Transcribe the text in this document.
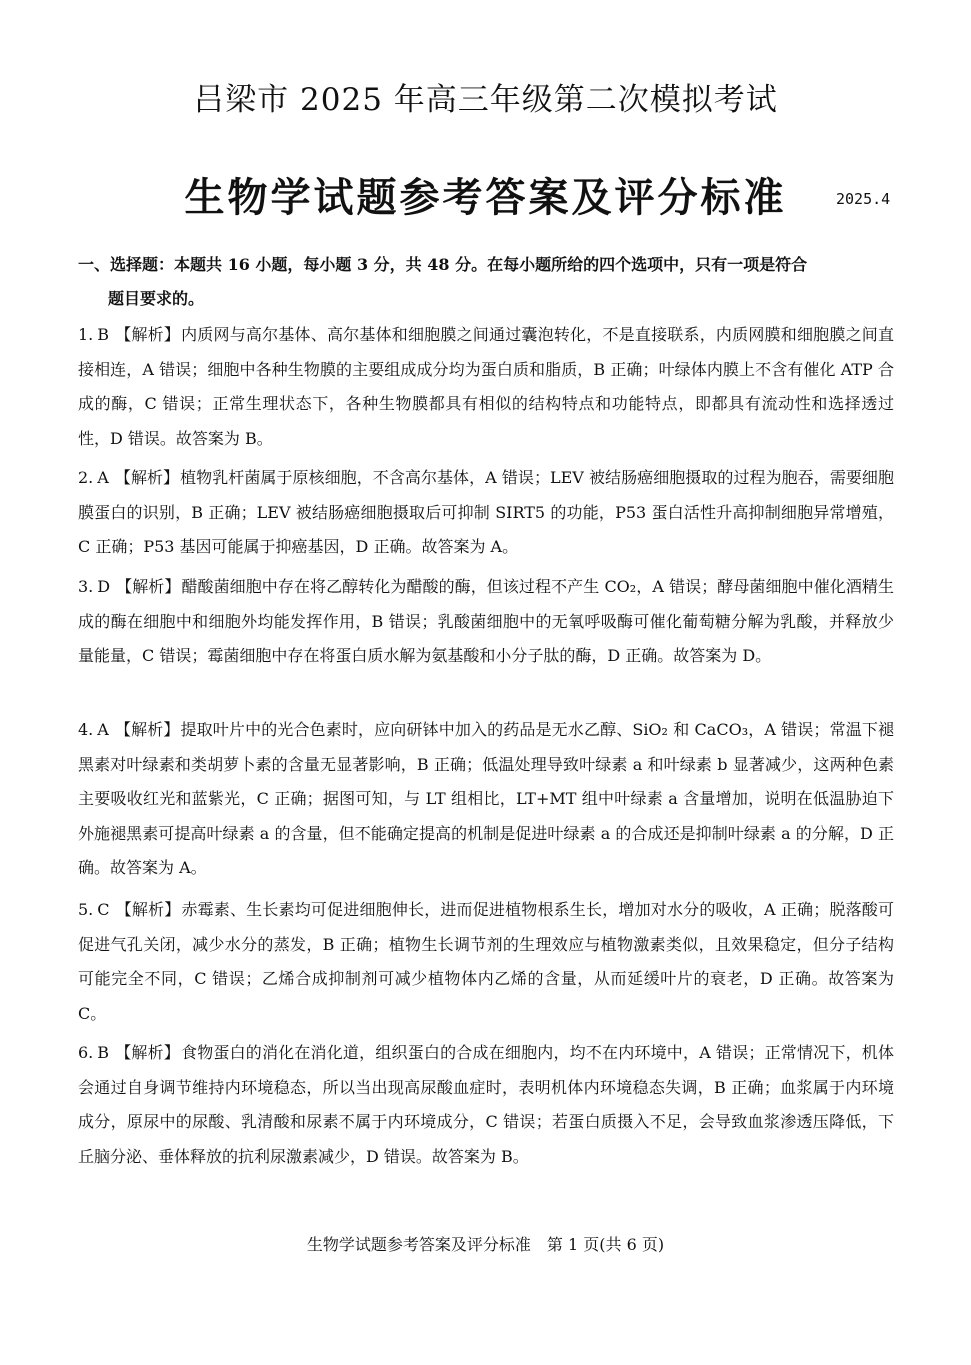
吕梁市 2025 年高三年级第二次模拟考试
生物学试题参考答案及评分标准	2025.4
一、选择题：本题共 16 小题，每小题 3 分，共 48 分。在每小题所给的四个选项中，只有一项是符合
题目要求的。
1. B 【解析】内质网与高尔基体、高尔基体和细胞膜之间通过囊泡转化，不是直接联系，内质网膜和细胞膜之间直接相连，A 错误；细胞中各种生物膜的主要组成成分均为蛋白质和脂质，B 正确；叶绿体内膜上不含有催化 ATP 合成的酶，C 错误；正常生理状态下，各种生物膜都具有相似的结构特点和功能特点，即都具有流动性和选择透过性，D 错误。故答案为 B。
2. A 【解析】植物乳杆菌属于原核细胞，不含高尔基体，A 错误；LEV 被结肠癌细胞摄取的过程为胞吞，需要细胞膜蛋白的识别，B 正确；LEV 被结肠癌细胞摄取后可抑制 SIRT5 的功能，P53 蛋白活性升高抑制细胞异常增殖，C 正确；P53 基因可能属于抑癌基因，D 正确。故答案为 A。
3. D 【解析】醋酸菌细胞中存在将乙醇转化为醋酸的酶，但该过程不产生 CO₂，A 错误；酵母菌细胞中催化酒精生成的酶在细胞中和细胞外均能发挥作用，B 错误；乳酸菌细胞中的无氧呼吸酶可催化葡萄糖分解为乳酸，并释放少量能量，C 错误；霉菌细胞中存在将蛋白质水解为氨基酸和小分子肽的酶，D 正确。故答案为 D。
4. A 【解析】提取叶片中的光合色素时，应向研钵中加入的药品是无水乙醇、SiO₂ 和 CaCO₃，A 错误；常温下褪黑素对叶绿素和类胡萝卜素的含量无显著影响，B 正确；低温处理导致叶绿素 a 和叶绿素 b 显著减少，这两种色素主要吸收红光和蓝紫光，C 正确；据图可知，与 LT 组相比，LT+MT 组中叶绿素 a 含量增加，说明在低温胁迫下外施褪黑素可提高叶绿素 a 的含量，但不能确定提高的机制是促进叶绿素 a 的合成还是抑制叶绿素 a 的分解，D 正确。故答案为 A。
5. C 【解析】赤霉素、生长素均可促进细胞伸长，进而促进植物根系生长，增加对水分的吸收，A 正确；脱落酸可促进气孔关闭，减少水分的蒸发，B 正确；植物生长调节剂的生理效应与植物激素类似，且效果稳定，但分子结构可能完全不同，C 错误；乙烯合成抑制剂可减少植物体内乙烯的含量，从而延缓叶片的衰老，D 正确。故答案为 C。
6. B 【解析】食物蛋白的消化在消化道，组织蛋白的合成在细胞内，均不在内环境中，A 错误；正常情况下，机体会通过自身调节维持内环境稳态，所以当出现高尿酸血症时，表明机体内环境稳态失调，B 正确；血浆属于内环境成分，原尿中的尿酸、乳清酸和尿素不属于内环境成分，C 错误；若蛋白质摄入不足，会导致血浆渗透压降低，下丘脑分泌、垂体释放的抗利尿激素减少，D 错误。故答案为 B。
生物学试题参考答案及评分标准　第 1 页(共 6 页)
